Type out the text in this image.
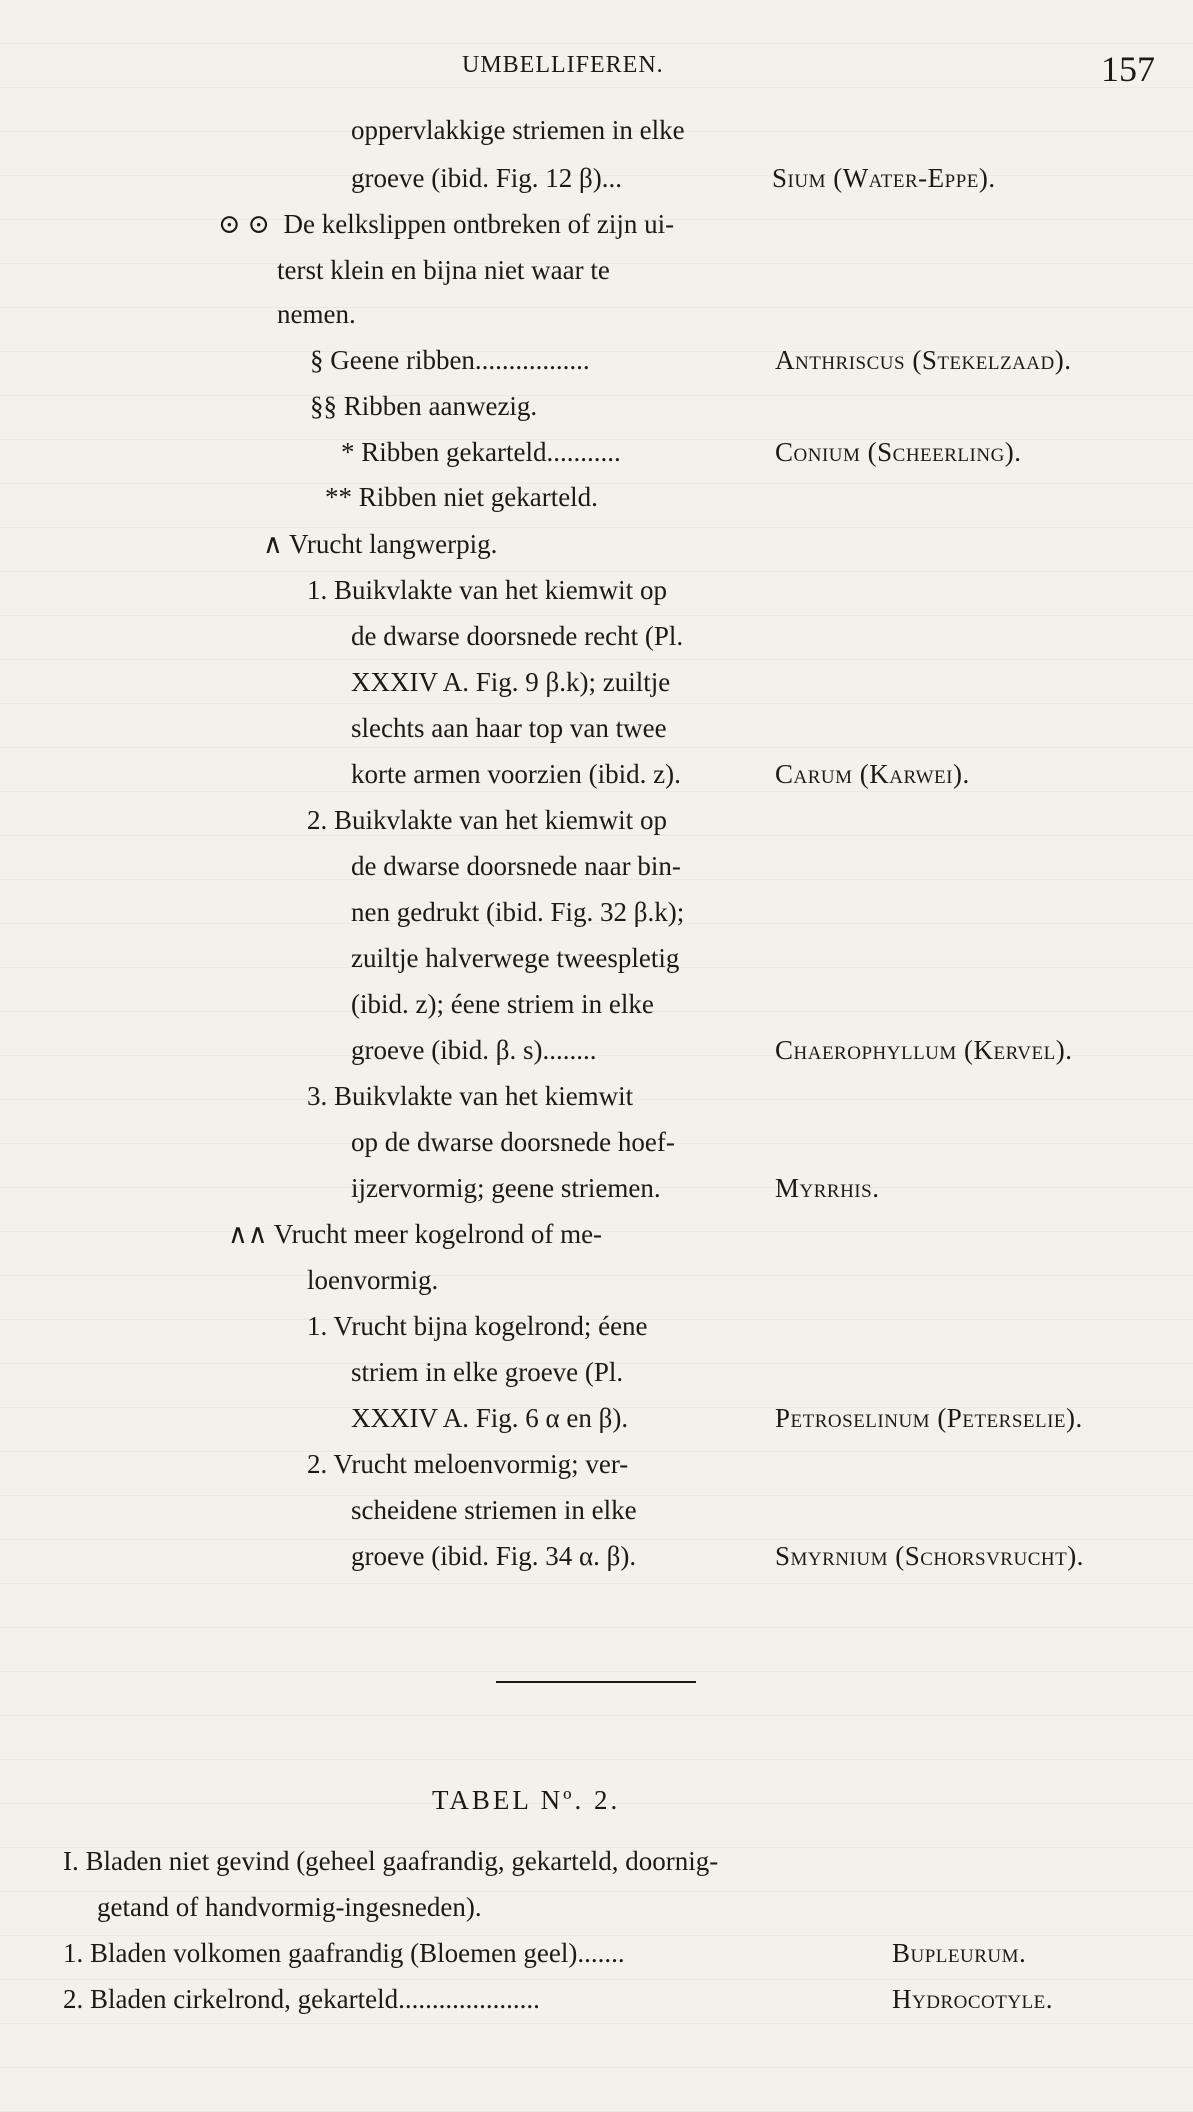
UMBELLIFEREN.	157
oppervlakkige striemen in elke
groeve (ibid. Fig. 12 β)...	Sium (Water-Eppe).
⊙ ⊙  De kelkslippen ontbreken of zijn ui-
terst klein en bijna niet waar te
nemen.
§ Geene ribben.................	Anthriscus (Stekelzaad).
§§ Ribben aanwezig.
* Ribben gekarteld...........	Conium (Scheerling).
** Ribben niet gekarteld.
∧ Vrucht langwerpig.
1. Buikvlakte van het kiemwit op
de dwarse doorsnede recht (Pl.
XXXIV A. Fig. 9 β.k); zuiltje
slechts aan haar top van twee
korte armen voorzien (ibid. z).	Carum (Karwei).
2. Buikvlakte van het kiemwit op
de dwarse doorsnede naar bin-
nen gedrukt (ibid. Fig. 32 β.k);
zuiltje halverwege tweespletig
(ibid. z); éene striem in elke
groeve (ibid. β. s)........	Chaerophyllum (Kervel).
3. Buikvlakte van het kiemwit
op de dwarse doorsnede hoef-
ijzervormig; geene striemen.	Myrrhis.
∧∧ Vrucht meer kogelrond of me-
loenvormig.
1. Vrucht bijna kogelrond; éene
striem in elke groeve (Pl.
XXXIV A. Fig. 6 α en β).	Petroselinum (Peterselie).
2. Vrucht meloenvormig; ver-
scheidene striemen in elke
groeve (ibid. Fig. 34 α. β).	Smyrnium (Schorsvrucht).
I. Bladen niet gevind (geheel gaafrandig, gekarteld, doornig-
getand of handvormig-ingesneden).
1. Bladen volkomen gaafrandig (Bloemen geel).......	Bupleurum.
2. Bladen cirkelrond, gekarteld.....................	Hydrocotyle.
TABEL Nº. 2.
